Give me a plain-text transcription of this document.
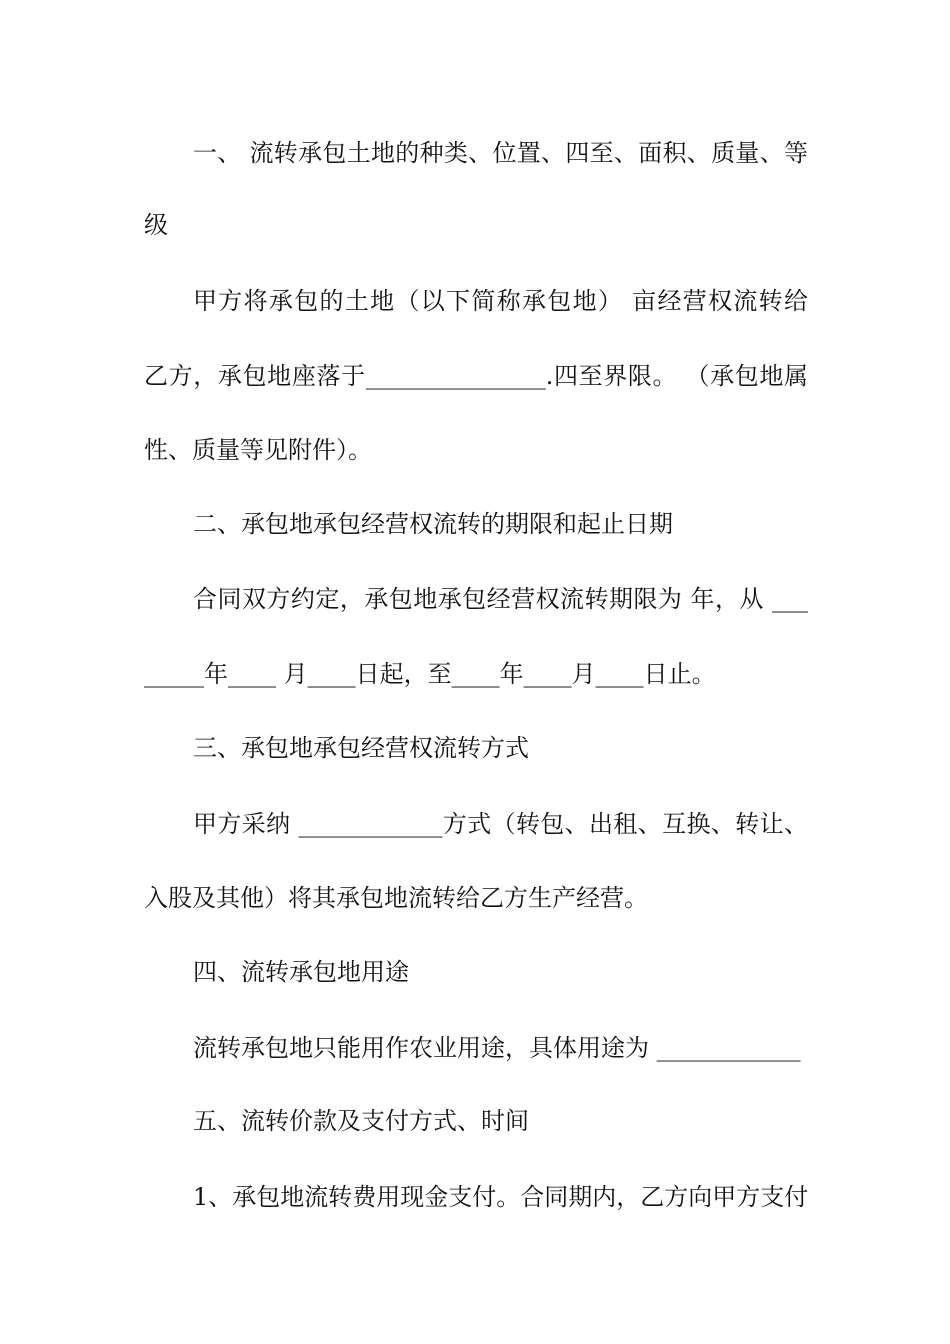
一、 流转承包土地的种类、位置、四至、面积、质量、等
级
甲方将承包的土地（以下简称承包地） 亩经营权流转给
乙方，承包地座落于_______________.四至界限。 （承包地属
性、质量等见附件）。
二、承包地承包经营权流转的期限和起止日期
合同双方约定，承包地承包经营权流转期限为 年，从 ___
_____年____ 月____日起，至____年____月____日止。
三、承包地承包经营权流转方式
甲方采纳 ____________方式（转包、出租、互换、转让、
入股及其他）将其承包地流转给乙方生产经营。
四、流转承包地用途
流转承包地只能用作农业用途，具体用途为 ____________
五、流转价款及支付方式、时间
1、承包地流转费用现金支付。合同期内，乙方向甲方支付
